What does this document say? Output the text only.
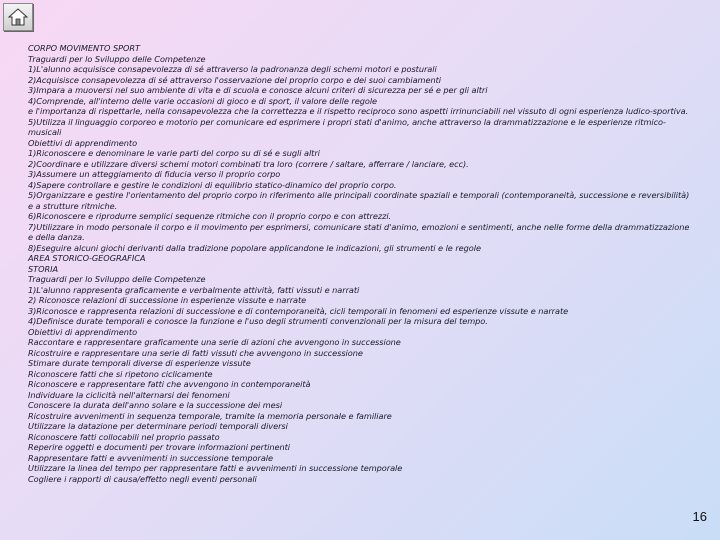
CORPO MOVIMENTO SPORT
Traguardi per lo Sviluppo delle Competenze
1)L'alunno acquisisce consapevolezza di sé attraverso la padronanza degli schemi motori e posturali
2)Acquisisce consapevolezza di sé attraverso l'osservazione del proprio corpo e dei suoi cambiamenti
3)Impara a muoversi nel suo ambiente di vita e di scuola e conosce alcuni criteri di sicurezza per sé e per gli altri
4)Comprende, all'interno delle varie occasioni di gioco e di sport, il valore delle regole
e l'importanza di rispettarle, nella consapevolezza che la correttezza e il rispetto reciproco sono aspetti irrinunciabili nel vissuto di ogni esperienza ludico-sportiva.
5)Utilizza il linguaggio corporeo e motorio per comunicare ed esprimere i propri stati d'animo, anche attraverso la drammatizzazione e le esperienze ritmico-musicali
Obiettivi di apprendimento
1)Riconoscere e denominare le varie parti del corpo su di sé e sugli altri
2)Coordinare e utilizzare diversi schemi motori combinati tra loro (correre / saltare, afferrare / lanciare, ecc).
3)Assumere un atteggiamento di fiducia verso il proprio corpo
4)Sapere controllare e gestire le condizioni di equilibrio statico-dinamico del proprio corpo.
5)Organizzare e gestire l'orientamento del proprio corpo in riferimento alle principali coordinate spaziali e temporali (contemporaneità, successione e reversibilità) e a strutture ritmiche.
6)Riconoscere e riprodurre semplici sequenze ritmiche con il proprio corpo e con attrezzi.
7)Utilizzare in modo personale il corpo e il movimento per esprimersi, comunicare stati d'animo, emozioni e sentimenti, anche nelle forme della drammatizzazione e della danza.
8)Eseguire alcuni giochi derivanti dalla tradizione popolare applicandone le indicazioni, gli strumenti e le regole
AREA STORICO-GEOGRAFICA
STORIA
Traguardi per lo Sviluppo delle Competenze
1)L'alunno rappresenta graficamente e verbalmente attività, fatti vissuti e narrati
2) Riconosce relazioni di successione in esperienze vissute e narrate
3)Riconosce e rappresenta relazioni di successione e di contemporaneità, cicli temporali in fenomeni ed esperienze vissute e narrate
4)Definisce durate temporali e conosce la funzione e l'uso degli strumenti convenzionali per la misura del tempo.
Obiettivi di apprendimento
Raccontare e rappresentare graficamente una serie di azioni che avvengono in successione
Ricostruire e rappresentare una serie di fatti vissuti che avvengono in successione
Stimare durate temporali diverse di esperienze vissute
Riconoscere fatti che si ripetono ciclicamente
Riconoscere e rappresentare fatti che avvengono in contemporaneità
Individuare la ciclicità nell'alternarsi dei fenomeni
Conoscere la durata dell'anno solare e la successione dei mesi
Ricostruire avvenimenti in sequenza temporale, tramite la memoria personale e familiare
Utilizzare la datazione per determinare periodi temporali diversi
Riconoscere fatti collocabili nel proprio passato
Reperire oggetti e documenti per trovare informazioni pertinenti
Rappresentare fatti e avvenimenti in successione temporale
Utilizzare la linea del tempo per rappresentare fatti e avvenimenti in successione temporale
Cogliere i rapporti di causa/effetto negli eventi personali
16
